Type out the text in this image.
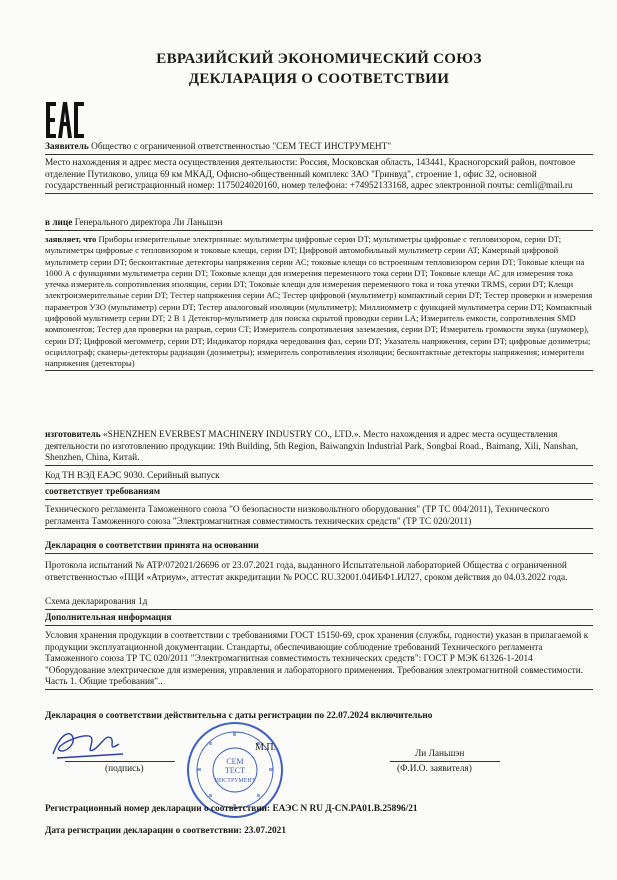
ЕВРАЗИЙСКИЙ ЭКОНОМИЧЕСКИЙ СОЮЗ
ДЕКЛАРАЦИЯ О СООТВЕТСТВИИ
Заявитель Общество с ограниченной ответственностью "СЕМ ТЕСТ ИНСТРУМЕНТ"
Место нахождения и адрес места осуществления деятельности: Россия, Московская область, 143441, Красногорский район, почтовое отделение Путилково, улица 69 км МКАД, Офисно-общественный комплекс ЗАО "Гринвуд", строение 1, офис 32, основной государственный регистрационный номер: 1175024020160, номер телефона: +74952133168, адрес электронной почты: cemli@mail.ru
в лице Генерального директора Ли Ланьшэн
заявляет, что Приборы измерительные электронные: мультиметры цифровые серии DT; мультиметры цифровые с тепловизором, серии DT; мультиметры цифровые с тепловизором и токовые клещи, серии DT; Цифровой автомобильный мультиметр серии AT; Камерный цифровой мультиметр серии DT; бесконтактные детекторы напряжения серии АС; токовые клещи со встроенным тепловизором серии DT; Токовые клещи на 1000 А с функциями мультиметра серии DT; Токовые клещи для измерения переменного тока серии DT; Токовые клещи АС для измерения тока утечка измеритель сопротивления изоляции, серии DT; Токовые клещи для измерения переменного тока и тока утечки TRMS, серии DT; Клещи электроизмерительные серии DT; Тестер напряжения серии АС; Тестер цифровой (мультиметр) компактный серии DT; Тестер проверки и измерения параметров УЗО (мультиметр) серии DT; Тестер аналоговый изоляции (мультиметр); Миллиомметр с функцией мультиметра серии DT; Компактный цифровой мультиметр серии DT; 2 В 1 Детектор-мультиметр для поиска скрытой проводки серии LA; Измеритель емкости, сопротивления SMD компонентов; Тестер для проверки на разрыв, серии CT; Измеритель сопротивления заземления, серии DT; Измеритель громкости звука (шумомер), серии DT; Цифровой мегомметр, серии DT; Индикатор порядка чередования фаз, серии DT; Указатель напряжения, серии DT; цифровые дозиметры; осциллограф; сканеры-детекторы радиации (дозиметры); измеритель сопротивления изоляции; бесконтактные детекторы напряжения; измерители напряжения (детекторы)
изготовитель «SHENZHEN EVERBEST MACHINERY INDUSTRY CO., LTD.». Место нахождения и адрес места осуществления деятельности по изготовлению продукции: 19th Building, 5th Region, Baiwangxin Industrial Park, Songbai Road., Baimang, Xili, Nanshan, Shenzhen, China, Китай.
Код ТН ВЭД ЕАЭС 9030. Серийный выпуск
соответствует требованиям
Технического регламента Таможенного союза "О безопасности низковольтного оборудования" (ТР ТС 004/2011), Технического регламента Таможенного союза "Электромагнитная совместимость технических средств" (ТР ТС 020/2011)
Декларация о соответствии принята на основании
Протокола испытаний № ATP/072021/26696 от 23.07.2021 года, выданного Испытательной лабораторией Общества с ограниченной ответственностью «ПЦИ «Атриум», аттестат аккредитации № РОСС RU.32001.04ИБФ1.ИЛ27, сроком действия до 04.03.2022 года.
Схема декларирования 1д
Дополнительная информация
Условия хранения продукции в соответствии с требованиями ГОСТ 15150-69, срок хранения (службы, годности) указан в прилагаемой к продукции эксплуатационной документации. Стандарты, обеспечивающие соблюдение требований Технического регламента Таможенного союза ТР ТС 020/2011 "Электромагнитная совместимость технических средств": ГОСТ Р МЭК 61326-1-2014 "Оборудование электрическое для измерения, управления и лабораторного применения. Требования электромагнитной совместимости. Часть 1. Общие требования"..
Декларация о соответствии действительна с даты регистрации по 22.07.2024 включительно
(подпись)
СЕМ
ТЕСТ
ИНСТРУМЕНТ
М.П.
Ли Ланьшэн
(Ф.И.О. заявителя)
Регистрационный номер декларации о соответствии: ЕАЭС N RU Д-CN.PA01.B.25896/21
Дата регистрации декларации о соответствии: 23.07.2021
